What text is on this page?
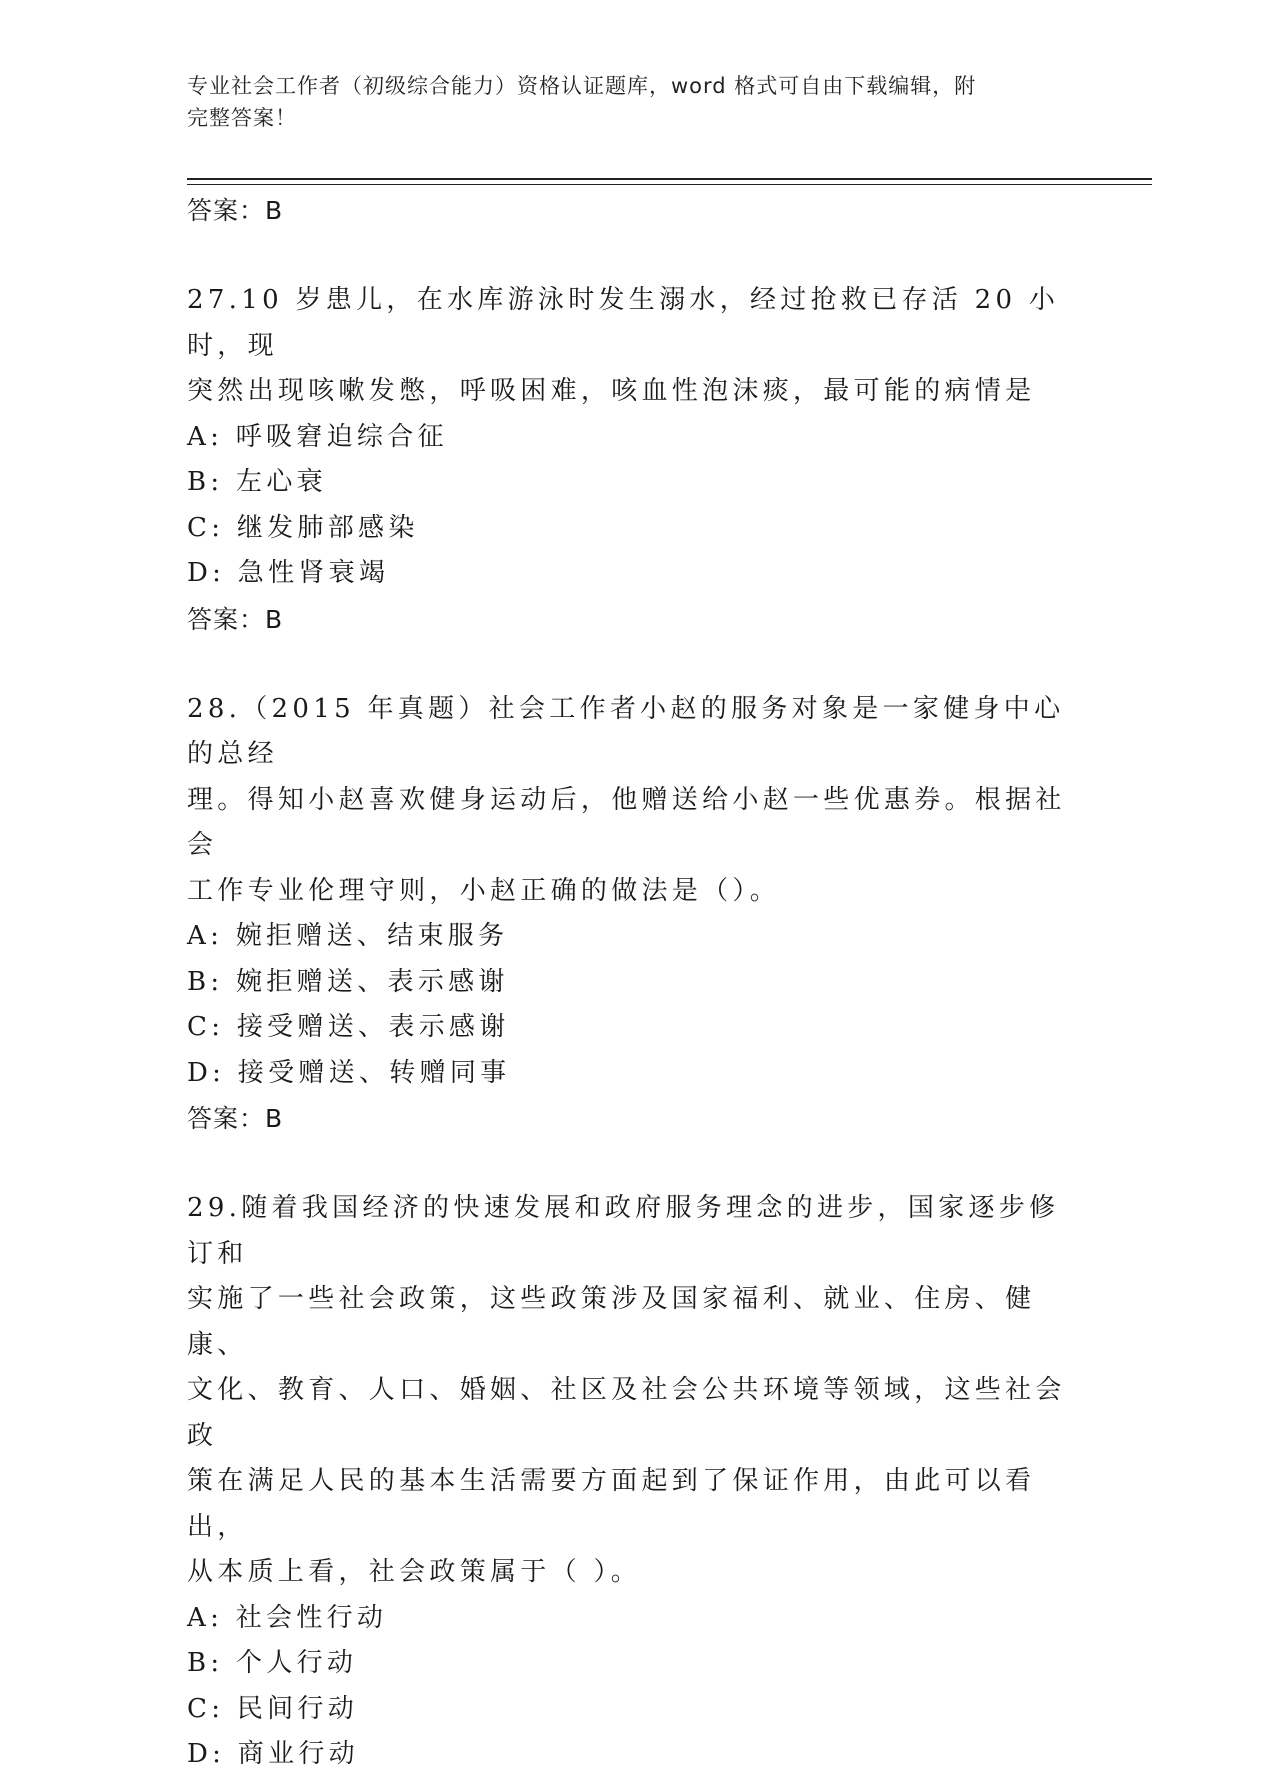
专业社会工作者（初级综合能力）资格认证题库，word 格式可自由下载编辑，附
完整答案！
答案：B

27.10 岁患儿，在水库游泳时发生溺水，经过抢救已存活 20 小时，现

突然出现咳嗽发憋，呼吸困难，咳血性泡沫痰，最可能的病情是

A: 呼吸窘迫综合征
B: 左心衰
C: 继发肺部感染
D: 急性肾衰竭
答案：B

28.（2015 年真题）社会工作者小赵的服务对象是一家健身中心的总经

理。得知小赵喜欢健身运动后，他赠送给小赵一些优惠券。根据社会

工作专业伦理守则，小赵正确的做法是（）。

A: 婉拒赠送、结束服务
B: 婉拒赠送、表示感谢
C: 接受赠送、表示感谢
D: 接受赠送、转赠同事
答案：B

29.随着我国经济的快速发展和政府服务理念的进步，国家逐步修订和

实施了一些社会政策，这些政策涉及国家福利、就业、住房、健康、

文化、教育、人口、婚姻、社区及社会公共环境等领域，这些社会政

策在满足人民的基本生活需要方面起到了保证作用，由此可以看出，

从本质上看，社会政策属于（ ）。

A: 社会性行动
B: 个人行动
C: 民间行动
D: 商业行动
